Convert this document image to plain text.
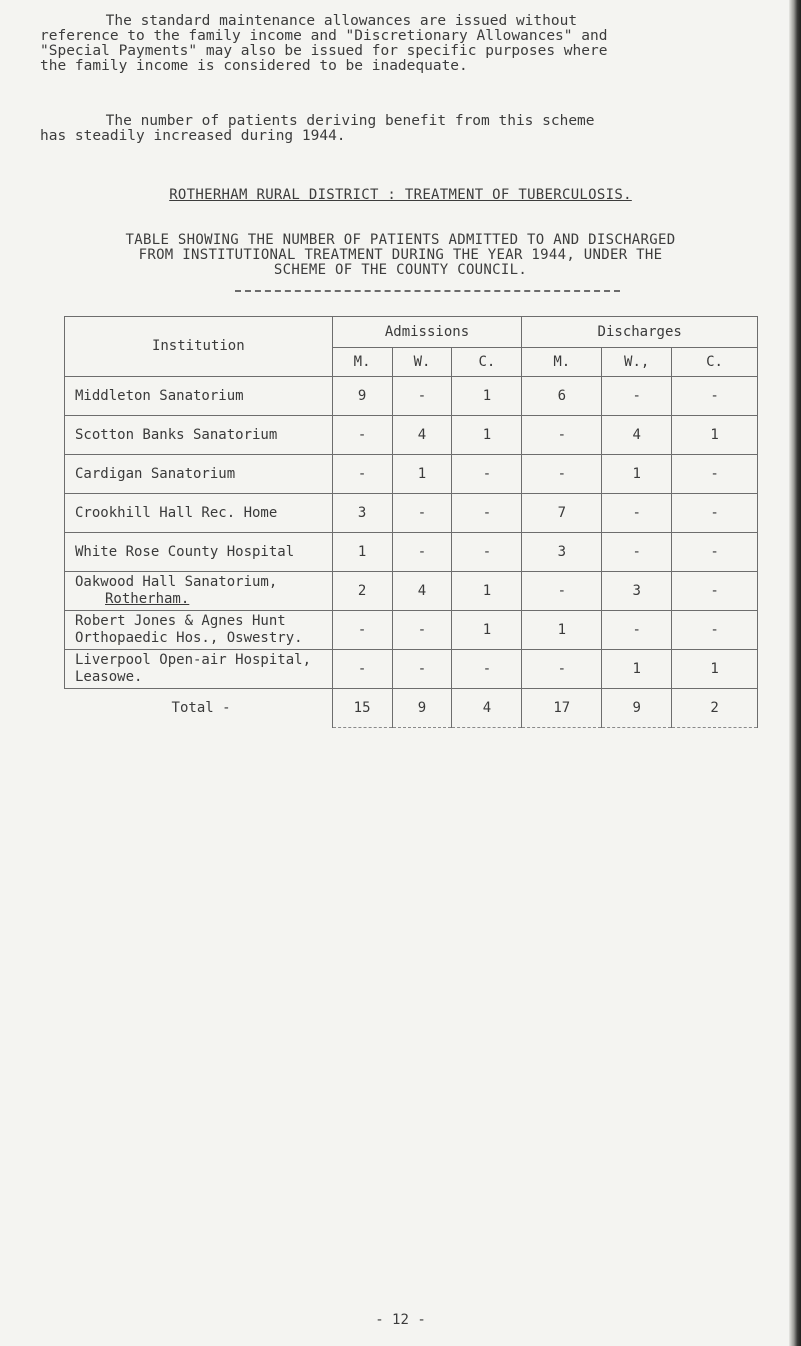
The standard maintenance allowances are issued without
reference to the family income and "Discretionary Allowances" and
"Special Payments" may also be issued for specific purposes where
the family income is considered to be inadequate.
The number of patients deriving benefit from this scheme
has steadily increased during 1944.
ROTHERHAM RURAL DISTRICT : TREATMENT OF TUBERCULOSIS.
TABLE SHOWING THE NUMBER OF PATIENTS ADMITTED TO AND DISCHARGED
FROM INSTITUTIONAL TREATMENT DURING THE YEAR 1944, UNDER THE
SCHEME OF THE COUNTY COUNCIL.
Institution	Admissions			Discharges		
	M.	W.	C.	M.	W.,	C.
Middleton Sanatorium	9	-	1	6	-	-
Scotton Banks Sanatorium	-	4	1	-	4	1
Cardigan Sanatorium	-	1	-	-	1	-
Crookhill Hall Rec. Home	3	-	-	7	-	-
White Rose County Hospital	1	-	-	3	-	-

Oakwood Hall Sanatorium,
Rotherham.	2	4	1	-	3	-

Robert Jones & Agnes Hunt
Orthopaedic Hos., Oswestry.	-	-	1	1	-	-

Liverpool Open-air Hospital,
Leasowe.	-	-	-	-	1	1
Total -	15	9	4	17	9	2
- 12 -
